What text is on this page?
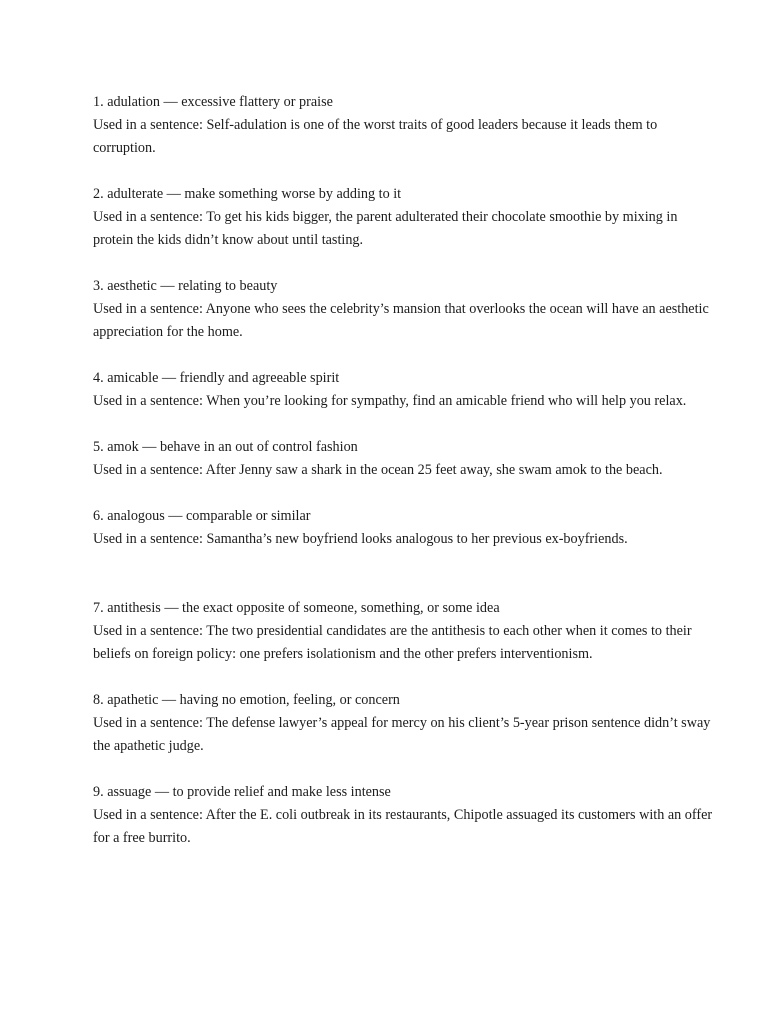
1. adulation — excessive flattery or praise
Used in a sentence: Self-adulation is one of the worst traits of good leaders because it leads them to corruption.
2. adulterate — make something worse by adding to it
Used in a sentence: To get his kids bigger, the parent adulterated their chocolate smoothie by mixing in protein the kids didn’t know about until tasting.
3. aesthetic — relating to beauty
Used in a sentence: Anyone who sees the celebrity’s mansion that overlooks the ocean will have an aesthetic appreciation for the home.
4. amicable — friendly and agreeable spirit
Used in a sentence: When you’re looking for sympathy, find an amicable friend who will help you relax.
5. amok — behave in an out of control fashion
Used in a sentence: After Jenny saw a shark in the ocean 25 feet away, she swam amok to the beach.
6. analogous — comparable or similar
Used in a sentence: Samantha’s new boyfriend looks analogous to her previous ex-boyfriends.
7. antithesis — the exact opposite of someone, something, or some idea
Used in a sentence: The two presidential candidates are the antithesis to each other when it comes to their beliefs on foreign policy: one prefers isolationism and the other prefers interventionism.
8. apathetic — having no emotion, feeling, or concern
Used in a sentence: The defense lawyer’s appeal for mercy on his client’s 5-year prison sentence didn’t sway the apathetic judge.
9. assuage — to provide relief and make less intense
Used in a sentence: After the E. coli outbreak in its restaurants, Chipotle assuaged its customers with an offer for a free burrito.
